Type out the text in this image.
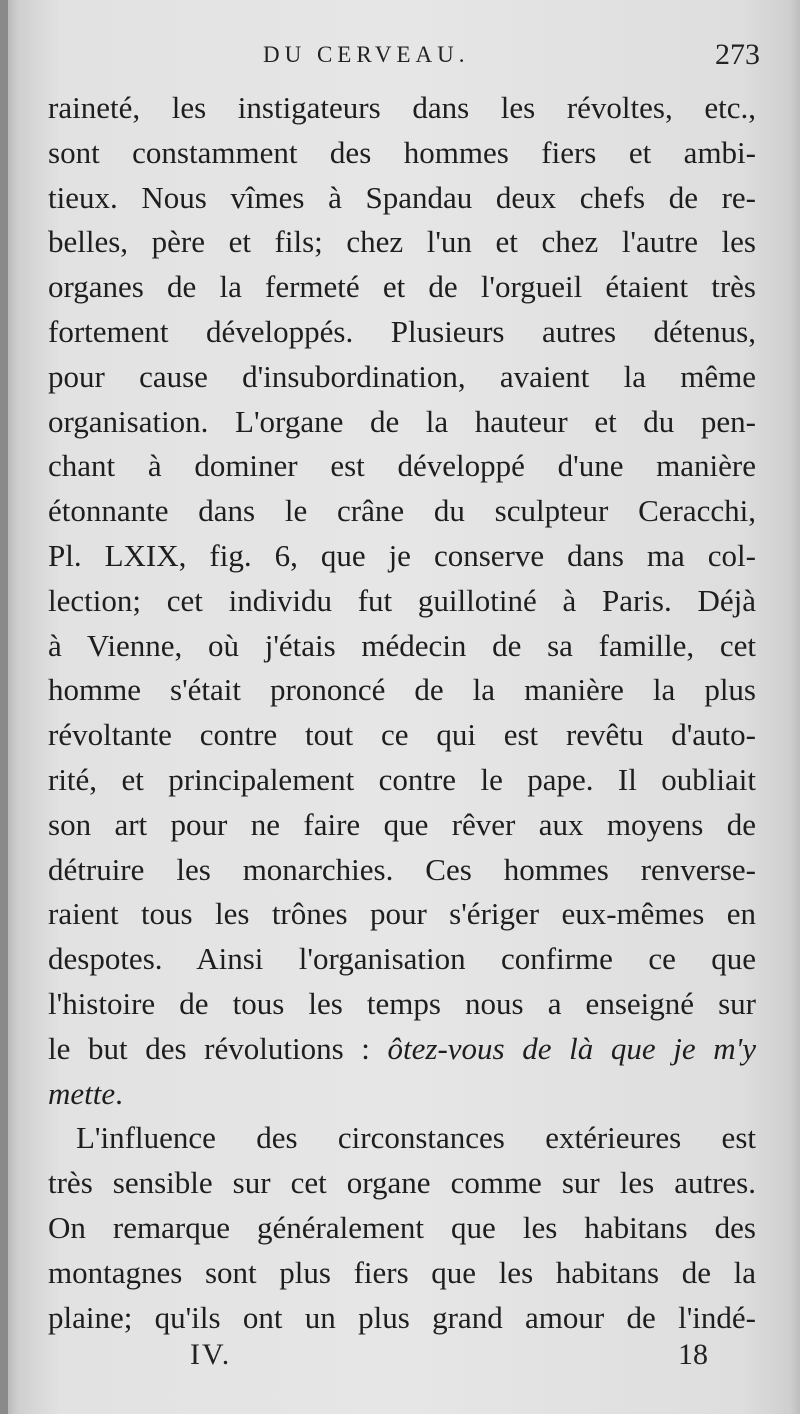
DU CERVEAU.	273
raineté, les instigateurs dans les révoltes, etc.,
sont constamment des hommes fiers et ambi-
tieux. Nous vîmes à Spandau deux chefs de re-
belles, père et fils; chez l'un et chez l'autre les
organes de la fermeté et de l'orgueil étaient très
fortement développés. Plusieurs autres détenus,
pour cause d'insubordination, avaient la même
organisation. L'organe de la hauteur et du pen-
chant à dominer est développé d'une manière
étonnante dans le crâne du sculpteur Ceracchi,
Pl. LXIX, fig. 6, que je conserve dans ma col-
lection; cet individu fut guillotiné à Paris. Déjà
à Vienne, où j'étais médecin de sa famille, cet
homme s'était prononcé de la manière la plus
révoltante contre tout ce qui est revêtu d'auto-
rité, et principalement contre le pape. Il oubliait
son art pour ne faire que rêver aux moyens de
détruire les monarchies. Ces hommes renverse-
raient tous les trônes pour s'ériger eux-mêmes en
despotes. Ainsi l'organisation confirme ce que
l'histoire de tous les temps nous a enseigné sur
le but des révolutions : ôtez-vous de là que je m'y
mette.
L'influence des circonstances extérieures est
très sensible sur cet organe comme sur les autres.
On remarque généralement que les habitans des
montagnes sont plus fiers que les habitans de la
plaine; qu'ils ont un plus grand amour de l'indé-
IV.	18
